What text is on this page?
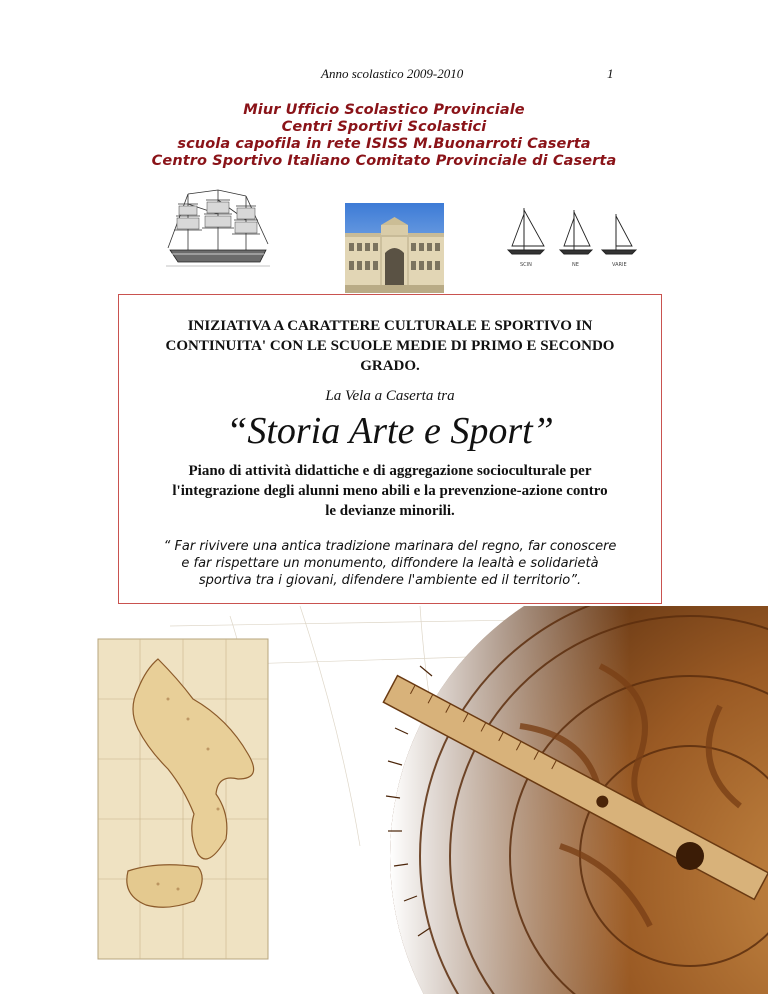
Anno scolastico 2009-2010	1
Miur Ufficio Scolastico Provinciale
Centri Sportivi Scolastici
scuola capofila in rete ISISS M.Buonarroti Caserta
Centro Sportivo Italiano Comitato Provinciale di Caserta
SCIN	NE	VARIE
INIZIATIVA A CARATTERE CULTURALE E SPORTIVO IN
CONTINUITA' CON LE SCUOLE MEDIE DI PRIMO E SECONDO
GRADO.
La Vela a Caserta tra
“Storia Arte e Sport”
Piano di attività didattiche e di aggregazione socioculturale per
l'integrazione degli alunni meno abili e la prevenzione-azione contro
le devianze minorili.
“ Far rivivere una antica tradizione marinara del regno, far conoscere
e far rispettare un monumento, diffondere la lealtà e solidarietà
sportiva tra i giovani, difendere l'ambiente ed il territorio”.
